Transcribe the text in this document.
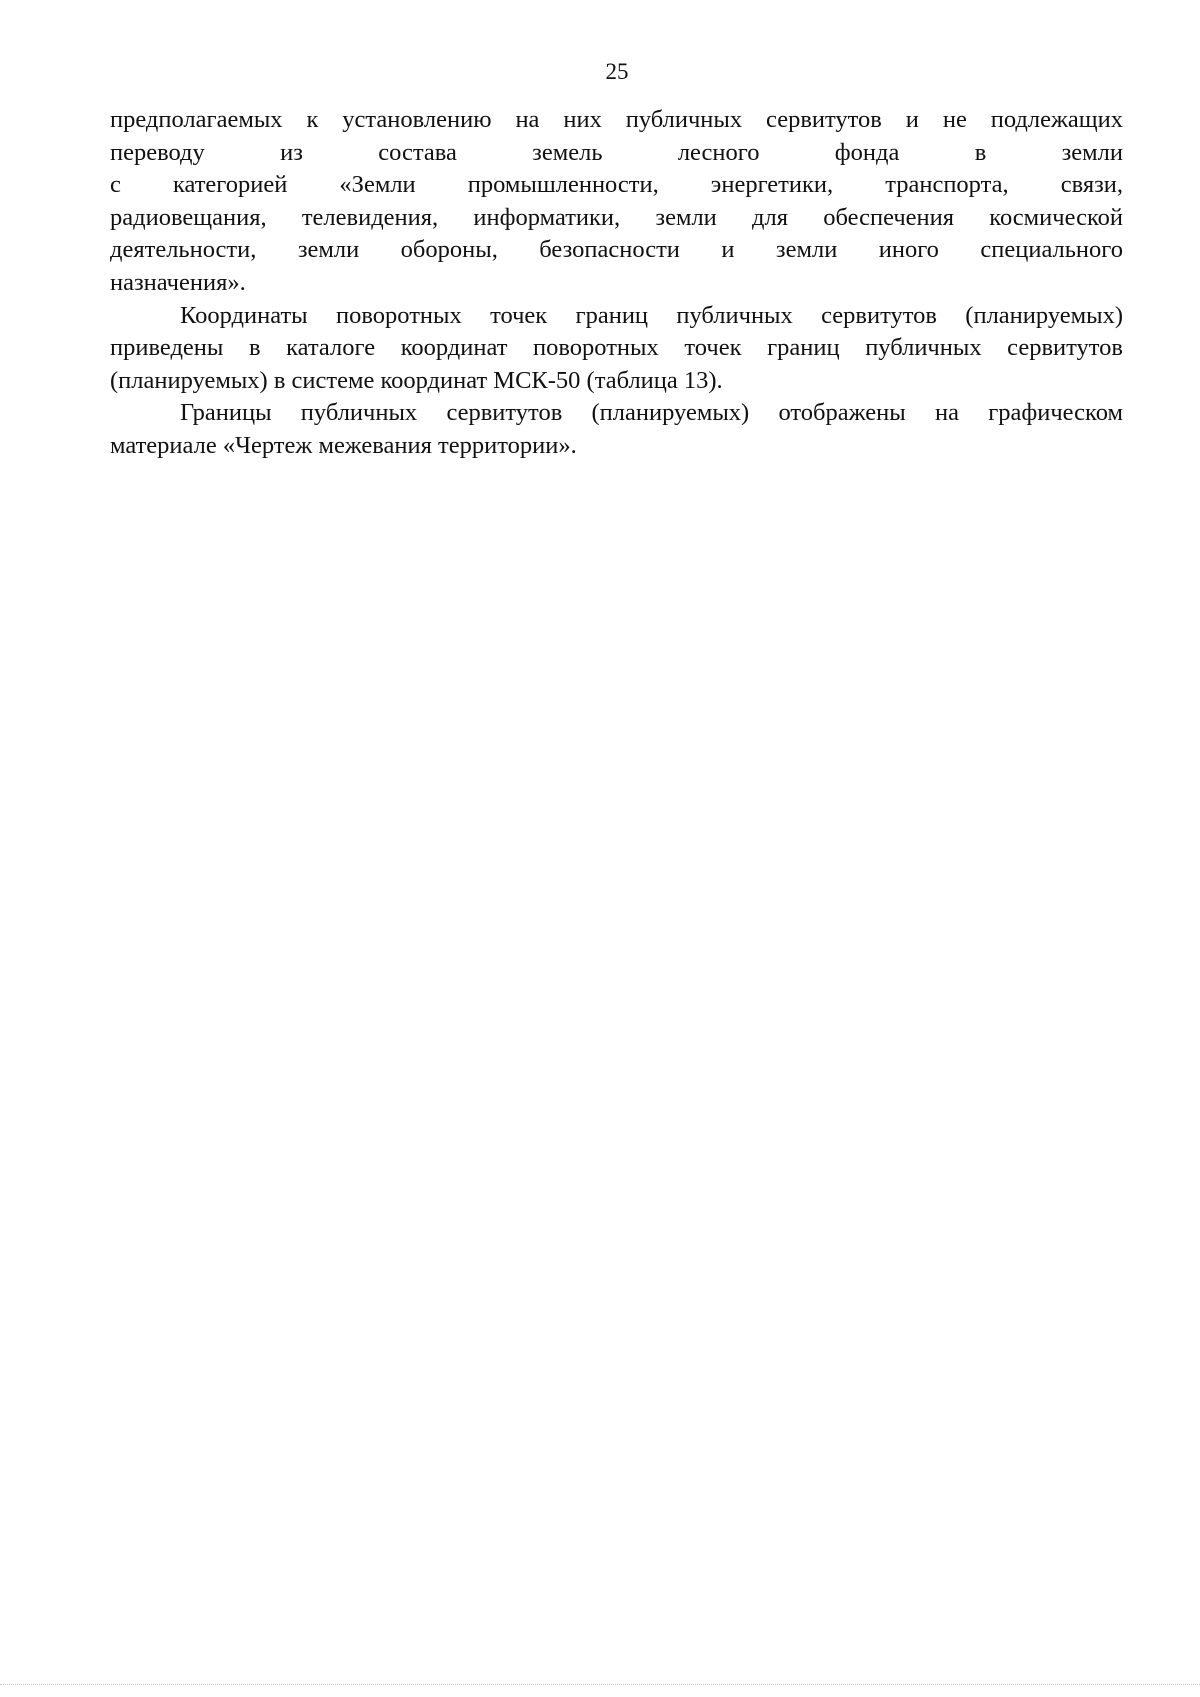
25
предполагаемых к установлению на них публичных сервитутов и не подлежащих
переводу из состава земель лесного фонда в земли
с категорией «Земли промышленности, энергетики, транспорта, связи,
радиовещания, телевидения, информатики, земли для обеспечения космической
деятельности, земли обороны, безопасности и земли иного специального
назначения».
Координаты поворотных точек границ публичных сервитутов (планируемых)
приведены в каталоге координат поворотных точек границ публичных сервитутов
(планируемых) в системе координат МСК-50 (таблица 13).
Границы публичных сервитутов (планируемых) отображены на графическом
материале «Чертеж межевания территории».
